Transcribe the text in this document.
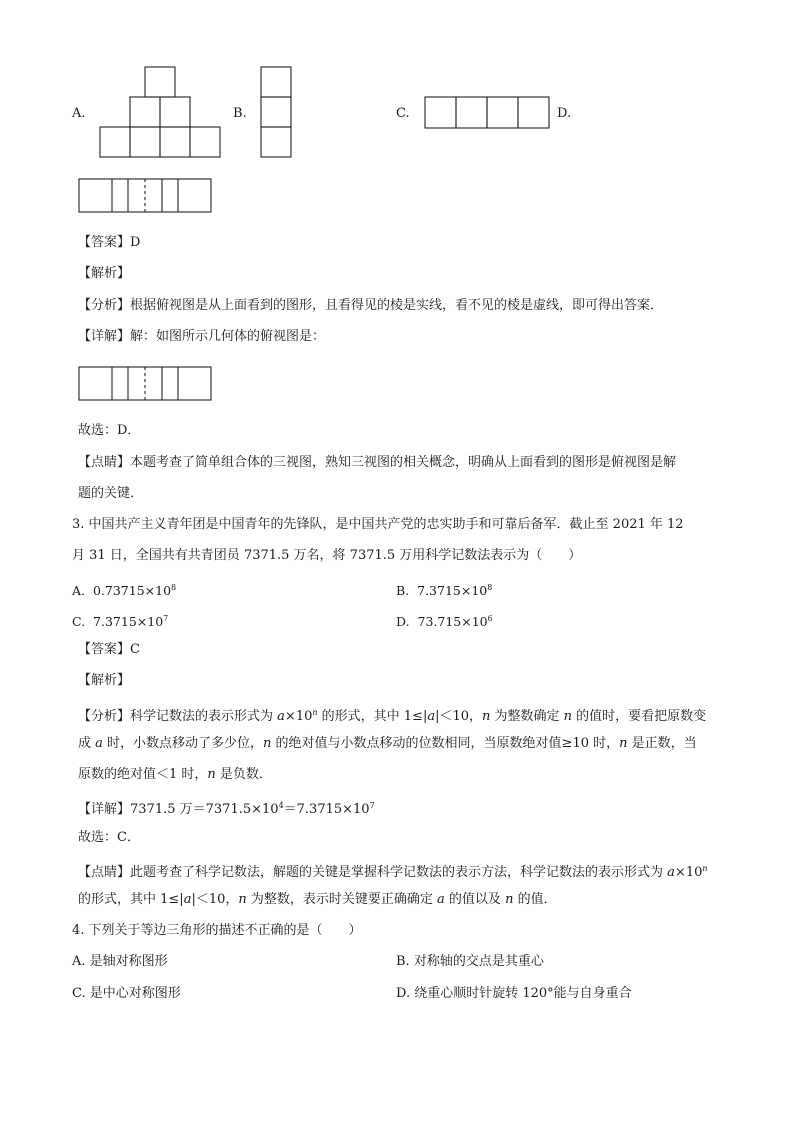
A.	B.	C.	D.
【答案】D
【解析】
【分析】根据俯视图是从上面看到的图形，且看得见的棱是实线，看不见的棱是虚线，即可得出答案．
【详解】解：如图所示几何体的俯视图是：
故选：D．
【点睛】本题考查了简单组合体的三视图，熟知三视图的相关概念，明确从上面看到的图形是俯视图是解
题的关键．
3. 中国共产主义青年团是中国青年的先锋队，是中国共产党的忠实助手和可靠后备军．截止至 2021 年 12
月 31 日，全国共有共青团员 7371.5 万名，将 7371.5 万用科学记数法表示为（　　）
A. $0.73715\times 10^8$	B. $7.3715\times 10^8$
C. $7.3715\times 10^7$	D. $73.715\times 10^6$
【答案】C
【解析】
【分析】科学记数法的表示形式为 $a\times 10^n$ 的形式，其中 1≤|a|＜10，n 为整数确定 n 的值时，要看把原数变
成 a 时，小数点移动了多少位，n 的绝对值与小数点移动的位数相同，当原数绝对值≥10 时，n 是正数，当
原数的绝对值＜1 时，n 是负数．
【详解】7371.5 万$=7371.5\times 10^4=7.3715\times 10^7$
故选：C．
【点睛】此题考查了科学记数法，解题的关键是掌握科学记数法的表示方法，科学记数法的表示形式为 $a\times 10^n$
的形式，其中 1≤|a|＜10，n 为整数，表示时关键要正确确定 a 的值以及 n 的值．
4. 下列关于等边三角形的描述不正确的是（　　）
A. 是轴对称图形	B. 对称轴的交点是其重心
C. 是中心对称图形	D. 绕重心顺时针旋转 120°能与自身重合
